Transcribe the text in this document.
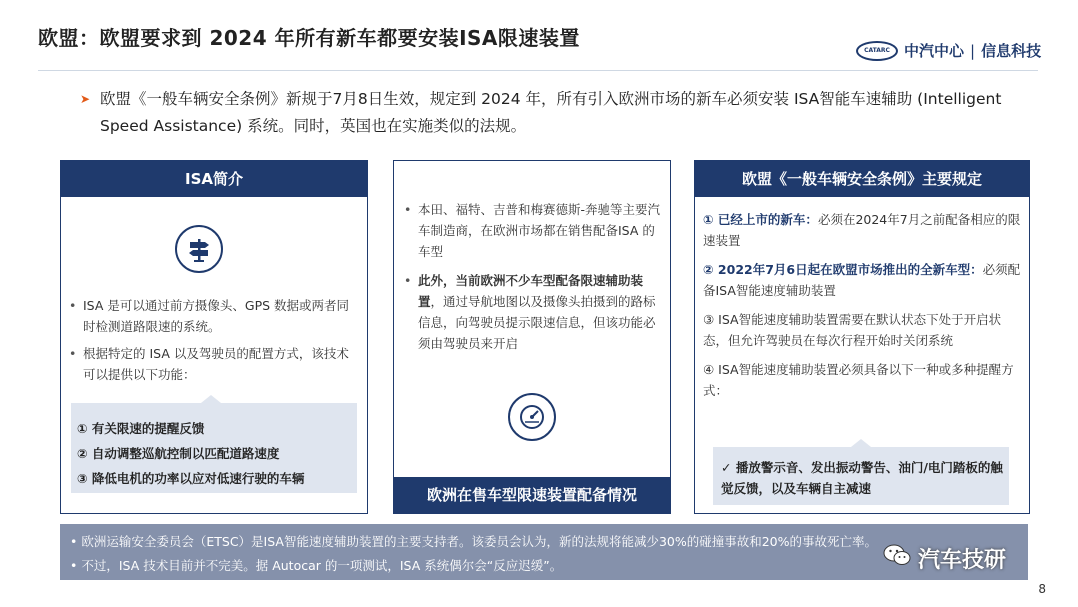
欧盟：欧盟要求到 2024 年所有新车都要安装ISA限速装置
CATARC 中汽中心 | 信息科技
➤ 欧盟《一般车辆安全条例》新规于7月8日生效，规定到 2024 年，所有引入欧洲市场的新车必须安装 ISA智能车速辅助 (Intelligent Speed Assistance) 系统。同时，英国也在实施类似的法规。
ISA简介
• ISA 是可以通过前方摄像头、GPS 数据或两者同时检测道路限速的系统。
• 根据特定的 ISA 以及驾驶员的配置方式，该技术可以提供以下功能：
① 有关限速的提醒反馈
② 自动调整巡航控制以匹配道路速度
③ 降低电机的功率以应对低速行驶的车辆
• 本田、福特、吉普和梅赛德斯-奔驰等主要汽车制造商，在欧洲市场都在销售配备ISA 的车型
• 此外，当前欧洲不少车型配备限速辅助装置，通过导航地图以及摄像头拍摄到的路标信息，向驾驶员提示限速信息，但该功能必须由驾驶员来开启
欧洲在售车型限速装置配备情况
欧盟《一般车辆安全条例》主要规定
① 已经上市的新车：必须在2024年7月之前配备相应的限速装置
② 2022年7月6日起在欧盟市场推出的全新车型：必须配备ISA智能速度辅助装置
③ ISA智能速度辅助装置需要在默认状态下处于开启状态，但允许驾驶员在每次行程开始时关闭系统
④ ISA智能速度辅助装置必须具备以下一种或多种提醒方式：
✓ 播放警示音、发出振动警告、油门/电门踏板的触觉反馈，以及车辆自主减速
• 欧洲运输安全委员会（ETSC）是ISA智能速度辅助装置的主要支持者。该委员会认为，新的法规将能减少30%的碰撞事故和20%的事故死亡率。
• 不过，ISA 技术目前并不完美。据 Autocar 的一项测试，ISA 系统偶尔会“反应迟缓”。	汽车技研
8
